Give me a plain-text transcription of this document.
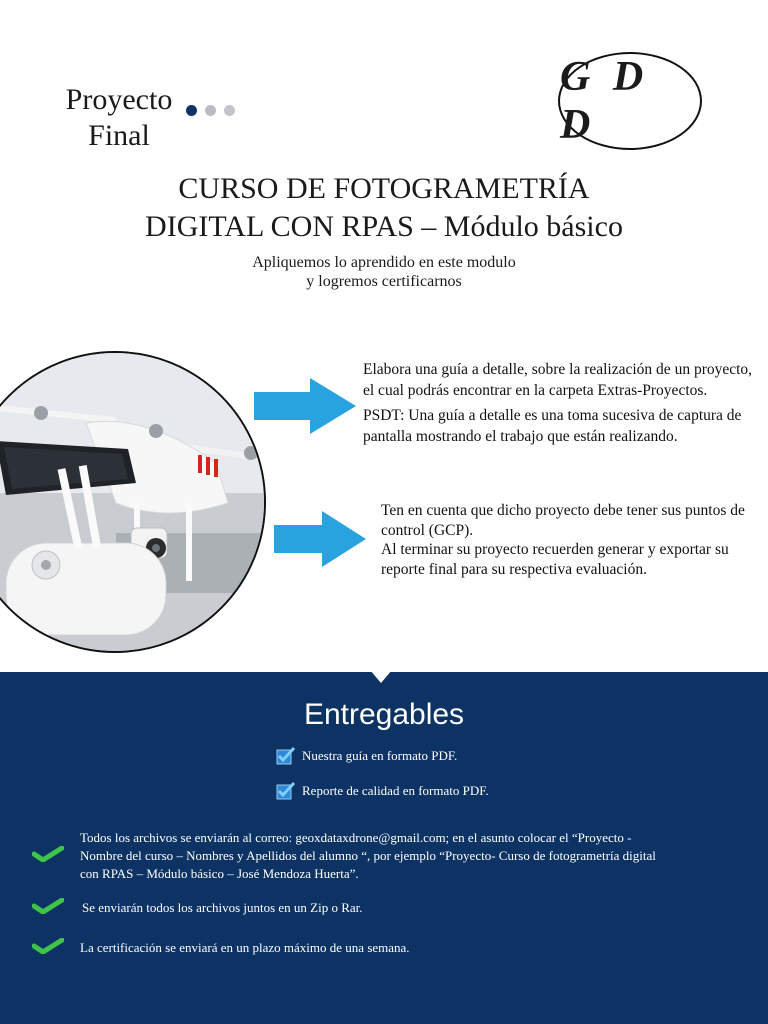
Proyecto
Final
G D D
CURSO DE FOTOGRAMETRÍA
DIGITAL CON RPAS – Módulo básico
Apliquemos lo aprendido en este modulo
y logremos certificarnos

Elabora una guía a detalle, sobre la realización de un proyecto,

el cual podrás encontrar en la carpeta Extras-Proyectos.

PSDT: Una guía a detalle es una toma sucesiva de captura de

pantalla mostrando el trabajo que están realizando.

Ten en cuenta que dicho proyecto debe tener sus puntos de

control (GCP).

Al terminar su proyecto recuerden generar y exportar su

reporte final para su respectiva evaluación.

Entregables
Nuestra guía en formato PDF.
Reporte de calidad en formato PDF.
Todos los archivos se enviarán al correo: geoxdataxdrone@gmail.com; en el asunto colocar el “Proyecto -
Nombre del curso – Nombres y Apellidos del alumno “, por ejemplo “Proyecto- Curso de fotogrametría digital
con RPAS – Módulo básico – José Mendoza Huerta”.
Se enviarán todos los archivos juntos en un Zip o Rar.
La certificación se enviará en un plazo máximo de una semana.
